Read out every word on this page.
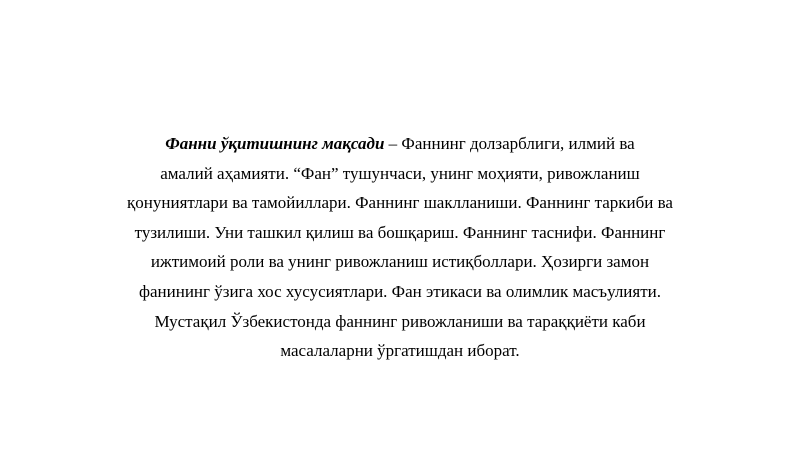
Фанни ўқитишнинг мақсади – Фаннинг долзарблиги, илмий ва
амалий аҳамияти. “Фан” тушунчаси, унинг моҳияти, ривожланиш
қонуниятлари ва тамойиллари. Фаннинг шаклланиши. Фаннинг таркиби ва
тузилиши. Уни ташкил қилиш ва бошқариш. Фаннинг таснифи. Фаннинг
ижтимоий роли ва унинг ривожланиш истиқболлари. Ҳозирги замон
фанининг ўзига хос хусусиятлари. Фан этикаси ва олимлик масъулияти.
Мустақил Ўзбекистонда фаннинг ривожланиши ва тараққиёти каби
масалаларни ўргатишдан иборат.
